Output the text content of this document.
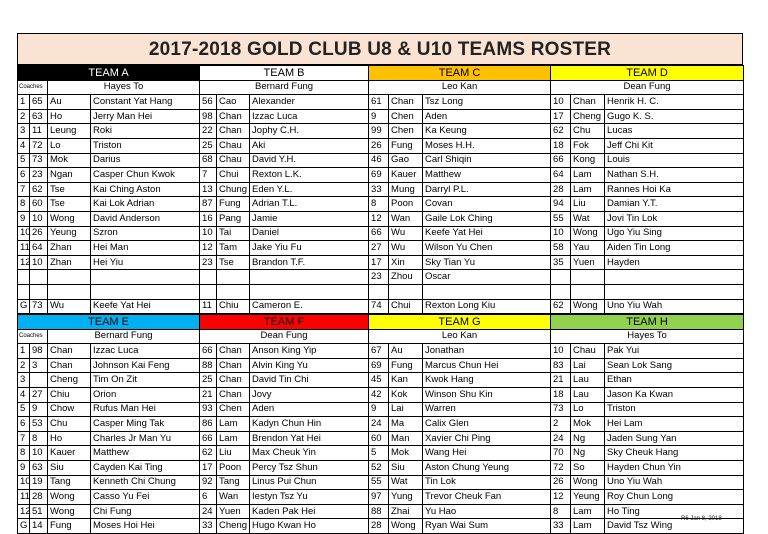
2017-2018 GOLD CLUB U8 & U10 TEAMS ROSTER
TEAM A				TEAM B			TEAM C			TEAM D		
Coaches		Hayes To		Bernard Fung			Leo Kan			Dean Fung		
1	65	Au	Constant Yat Hang	56	Cao	Alexander	61	Chan	Tsz Long	10	Chan	Henrik H. C.
2	63	Ho	Jerry Man Hei	98	Chan	Izzac Luca	9	Chen	Aden	17	Cheng	Gugo K. S.
3	11	Leung	Roki	22	Chan	Jophy C.H.	99	Chen	Ka Keung	62	Chu	Lucas
4	72	Lo	Triston	25	Chau	Aki	26	Fung	Moses H.H.	18	Fok	Jeff Chi Kit
5	73	Mok	Darius	68	Chau	David Y.H.	46	Gao	Carl Shiqin	66	Kong	Louis
6	23	Ngan	Casper Chun Kwok	7	Chui	Rexton L.K.	69	Kauer	Matthew	64	Lam	Nathan S.H.
7	62	Tse	Kai Ching Aston	13	Chung	Eden Y.L.	33	Mung	Darryl P.L.	28	Lam	Rannes Hoi Ka
8	60	Tse	Kai Lok Adrian	87	Fung	Adrian T.L.	8	Poon	Covan	94	Liu	Damian Y.T.
9	10	Wong	David Anderson	16	Pang	Jamie	12	Wan	Gaile Lok Ching	55	Wat	Jovi Tin Lok
10	26	Yeung	Szron	10	Tai	Daniel	66	Wu	Keefe Yat Hei	10	Wong	Ugo Yiu Sing
11	64	Zhan	Hei Man	12	Tam	Jake Yiu Fu	27	Wu	Wilson Yu Chen	58	Yau	Aiden Tin Long
12	10	Zhan	Hei Yiu	23	Tse	Brandon T.F.	17	Xin	Sky Tian Yu	35	Yuen	Hayden
							23	Zhou	Oscar			

G	73	Wu	Keefe Yat Hei	11	Chiu	Cameron E.	74	Chui	Rexton Long Kiu	62	Wong	Uno Yiu Wah
TEAM E				TEAM F			TEAM G			TEAM H		
Coaches		Bernard Fung		Dean Fung			Leo Kan			Hayes To		
1	98	Chan	Izzac Luca	66	Chan	Anson King Yip	67	Au	Jonathan	10	Chau	Pak Yui
2	3	Chan	Johnson Kai Feng	88	Chan	Alvin King Yu	69	Fung	Marcus Chun Hei	83	Lai	Sean Lok Sang
3		Cheng	Tim On Zit	25	Chan	David Tin Chi	45	Kan	Kwok Hang	21	Lau	Ethan
4	27	Chiu	Orion	21	Chan	Jovy	42	Kok	Winson Shu Kin	18	Lau	Jason Ka Kwan
5	9	Chow	Rufus Man Hei	93	Chen	Aden	9	Lai	Warren	73	Lo	Triston
6	53	Chu	Casper Ming Tak	86	Lam	Kadyn Chun Hin	24	Ma	Calix Glen	2	Mok	Hei Lam
7	8	Ho	Charles Jr Man Yu	66	Lam	Brendon Yat Hei	60	Man	Xavier Chi Ping	24	Ng	Jaden Sung Yan
8	10	Kauer	Matthew	62	Liu	Max Cheuk Yin	5	Mok	Wang Hei	70	Ng	Sky Cheuk Hang
9	63	Siu	Cayden Kai Ting	17	Poon	Percy Tsz Shun	52	Siu	Aston Chung Yeung	72	So	Hayden Chun Yin
10	19	Tang	Kenneth Chi Chung	92	Tang	Linus Pui Chun	55	Wat	Tin Lok	26	Wong	Uno Yiu Wah
11	28	Wong	Casso Yu Fei	6	Wan	Iestyn Tsz Yu	97	Yung	Trevor Cheuk Fan	12	Yeung	Roy Chun Long
12	51	Wong	Chi Fung	24	Yuen	Kaden Pak Hei	88	Zhai	Yu Hao	8	Lam	Ho Ting
G	14	Fung	Moses Hoi Hei	33	Cheng	Hugo Kwan Ho	28	Wong	Ryan Wai Sum	33	Lam	David Tsz Wing
R6 Jan 8, 2018
